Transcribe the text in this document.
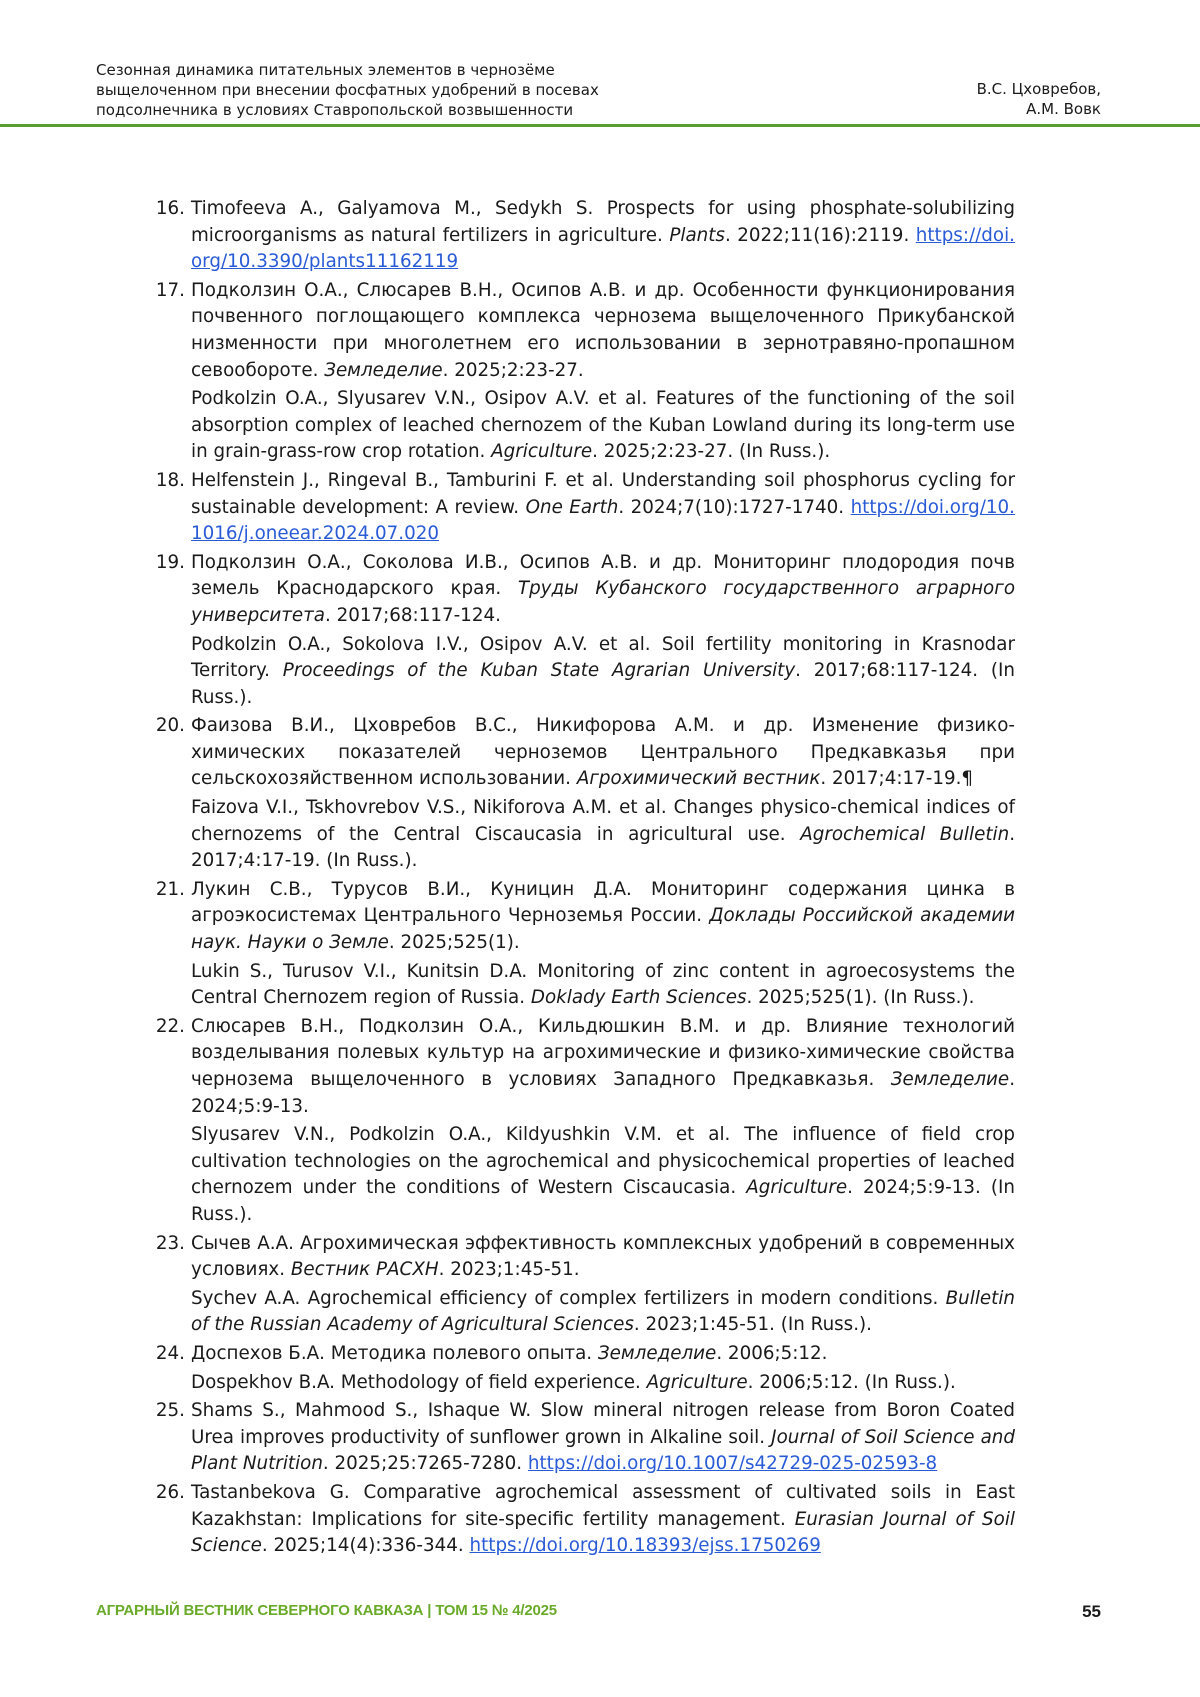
Сезонная динамика питательных элементов в чернозёме
выщелоченном при внесении фосфатных удобрений в посевах
подсолнечника в условиях Ставропольской возвышенности
В.С. Цховребов,
А.М. Вовк
16. Timofeeva A., Galyamova M., Sedykh S. Prospects for using phosphate-solubilizing microorganisms as natural fertilizers in agriculture. Plants. 2022;11(16):2119. https://doi.org/10.3390/plants11162119

17. Подколзин О.А., Слюсарев В.Н., Осипов А.В. и др. Особенности функционирования почвенного поглощающего комплекса чернозема выщелоченного Прикубанской низменности при многолетнем его использовании в зернотравяно-пропашном севообороте. Земледелие. 2025;2:23-27.

Podkolzin O.A., Slyusarev V.N., Osipov A.V. et al. Features of the functioning of the soil absorption complex of leached chernozem of the Kuban Lowland during its long-term use in grain-grass-row crop rotation. Agriculture. 2025;2:23-27. (In Russ.).

18. Helfenstein J., Ringeval B., Tamburini F. et al. Understanding soil phosphorus cycling for sustainable development: A review. One Earth. 2024;7(10):1727-1740. https://doi.org/10.1016/j.oneear.2024.07.020

19. Подколзин О.А., Соколова И.В., Осипов А.В. и др. Мониторинг плодородия почв земель Краснодарского края. Труды Кубанского государственного аграрного университета. 2017;68:117-124.

Podkolzin O.A., Sokolova I.V., Osipov A.V. et al. Soil fertility monitoring in Krasnodar Territory. Proceedings of the Kuban State Agrarian University. 2017;68:117-124. (In Russ.).

20. Фаизова В.И., Цховребов В.С., Никифорова А.М. и др. Изменение физико-химических показателей черноземов Центрального Предкавказья при сельскохозяйственном использовании. Агрохимический вестник. 2017;4:17-19.¶

Faizova V.I., Tskhovrebov V.S., Nikiforova A.M. et al. Changes physico-chemical indices of chernozems of the Central Ciscaucasia in agricultural use. Agrochemical Bulletin. 2017;4:17-19. (In Russ.).

21. Лукин С.В., Турусов В.И., Куницин Д.А. Мониторинг содержания цинка в агроэкосистемах Центрального Черноземья России. Доклады Российской академии наук. Науки о Земле. 2025;525(1).

Lukin S., Turusov V.I., Kunitsin D.A. Monitoring of zinc content in agroecosystems the Central Chernozem region of Russia. Doklady Earth Sciences. 2025;525(1). (In Russ.).

22. Слюсарев В.Н., Подколзин О.А., Кильдюшкин В.М. и др. Влияние технологий возделывания полевых культур на агрохимические и физико-химические свойства чернозема выщелоченного в условиях Западного Предкавказья. Земледелие. 2024;5:9-13.

Slyusarev V.N., Podkolzin O.A., Kildyushkin V.M. et al. The influence of field crop cultivation technologies on the agrochemical and physicochemical properties of leached chernozem under the conditions of Western Ciscaucasia. Agriculture. 2024;5:9-13. (In Russ.).

23. Сычев А.А. Агрохимическая эффективность комплексных удобрений в современных условиях. Вестник РАСХН. 2023;1:45-51.

Sychev A.A. Agrochemical efficiency of complex fertilizers in modern conditions. Bulletin of the Russian Academy of Agricultural Sciences. 2023;1:45-51. (In Russ.).

24. Доспехов Б.А. Методика полевого опыта. Земледелие. 2006;5:12.

Dospekhov B.A. Methodology of field experience. Agriculture. 2006;5:12. (In Russ.).

25. Shams S., Mahmood S., Ishaque W. Slow mineral nitrogen release from Boron Coated Urea improves productivity of sunflower grown in Alkaline soil. Journal of Soil Science and Plant Nutrition. 2025;25:7265-7280. https://doi.org/10.1007/s42729-025-02593-8

26. Tastanbekova G. Comparative agrochemical assessment of cultivated soils in East Kazakhstan: Implications for site-specific fertility management. Eurasian Journal of Soil Science. 2025;14(4):336-344. https://doi.org/10.18393/ejss.1750269

АГРАРНЫЙ ВЕСТНИК СЕВЕРНОГО КАВКАЗА | ТОМ 15 № 4/2025	55
